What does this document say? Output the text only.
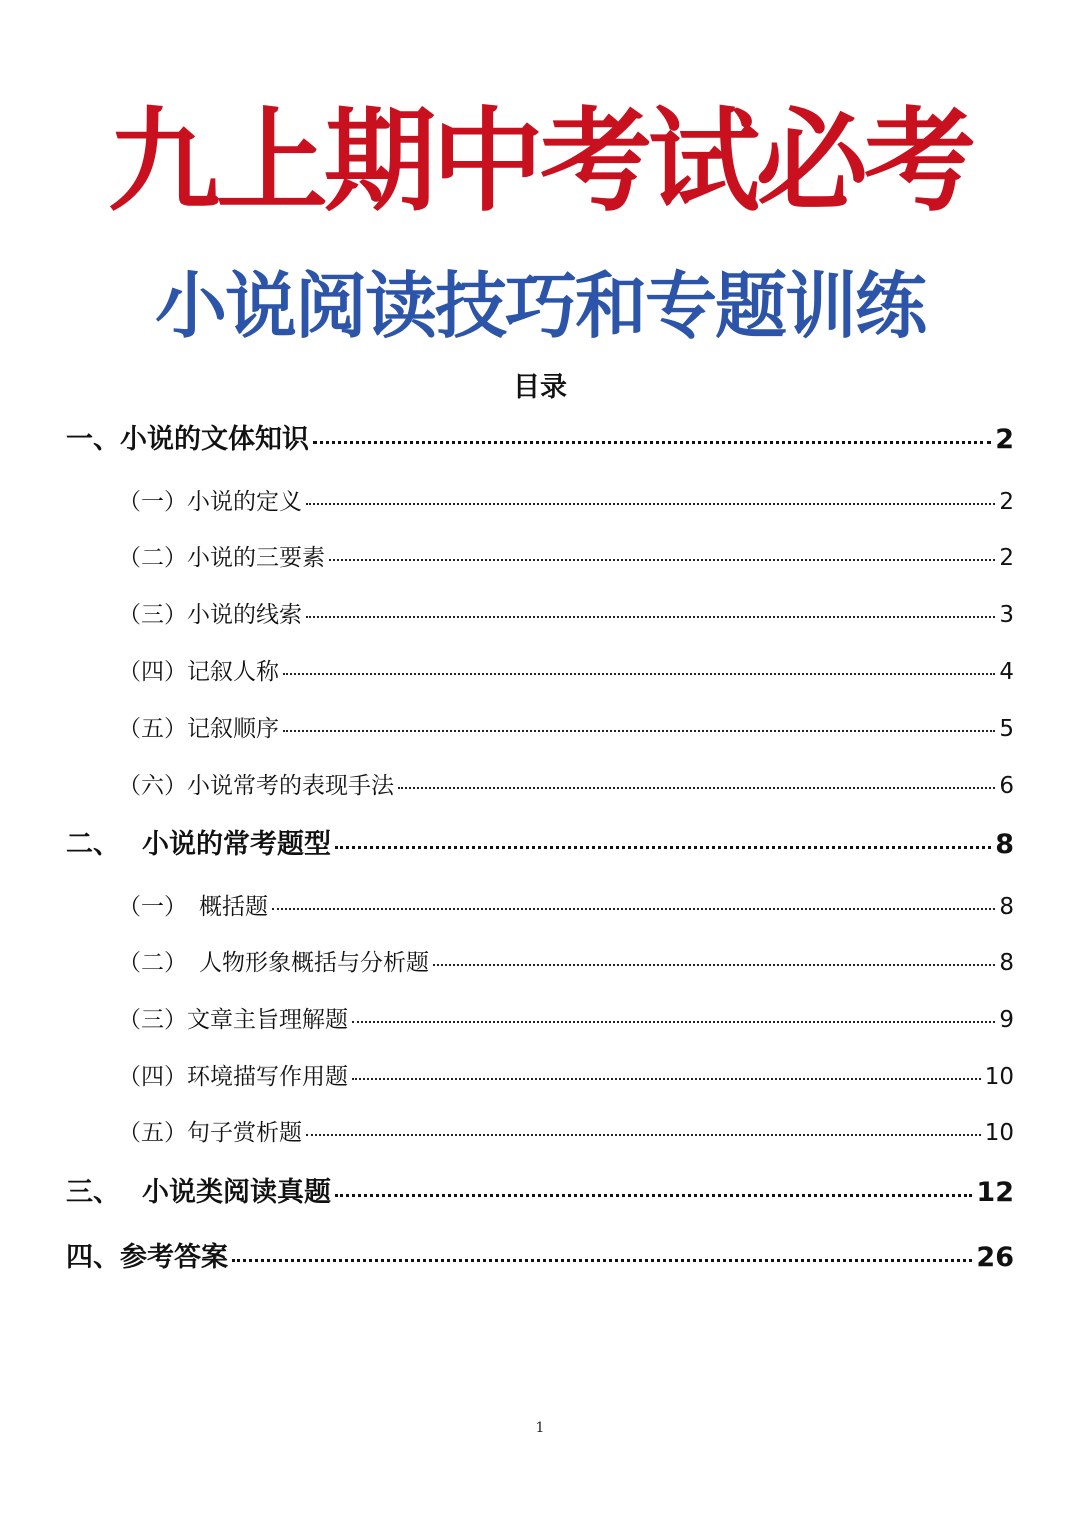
九上期中考试必考
小说阅读技巧和专题训练
目录
一、 小说的文体知识	2
（一） 小说的定义	2
（二） 小说的三要素	2
（三） 小说的线索	3
（四） 记叙人称	4
（五） 记叙顺序	5
（六） 小说常考的表现手法	6
二、 小说的常考题型	8
（一） 概括题	8
（二） 人物形象概括与分析题	8
（三） 文章主旨理解题	9
（四） 环境描写作用题	10
（五） 句子赏析题	10
三、 小说类阅读真题	12
四、 参考答案	26
1
